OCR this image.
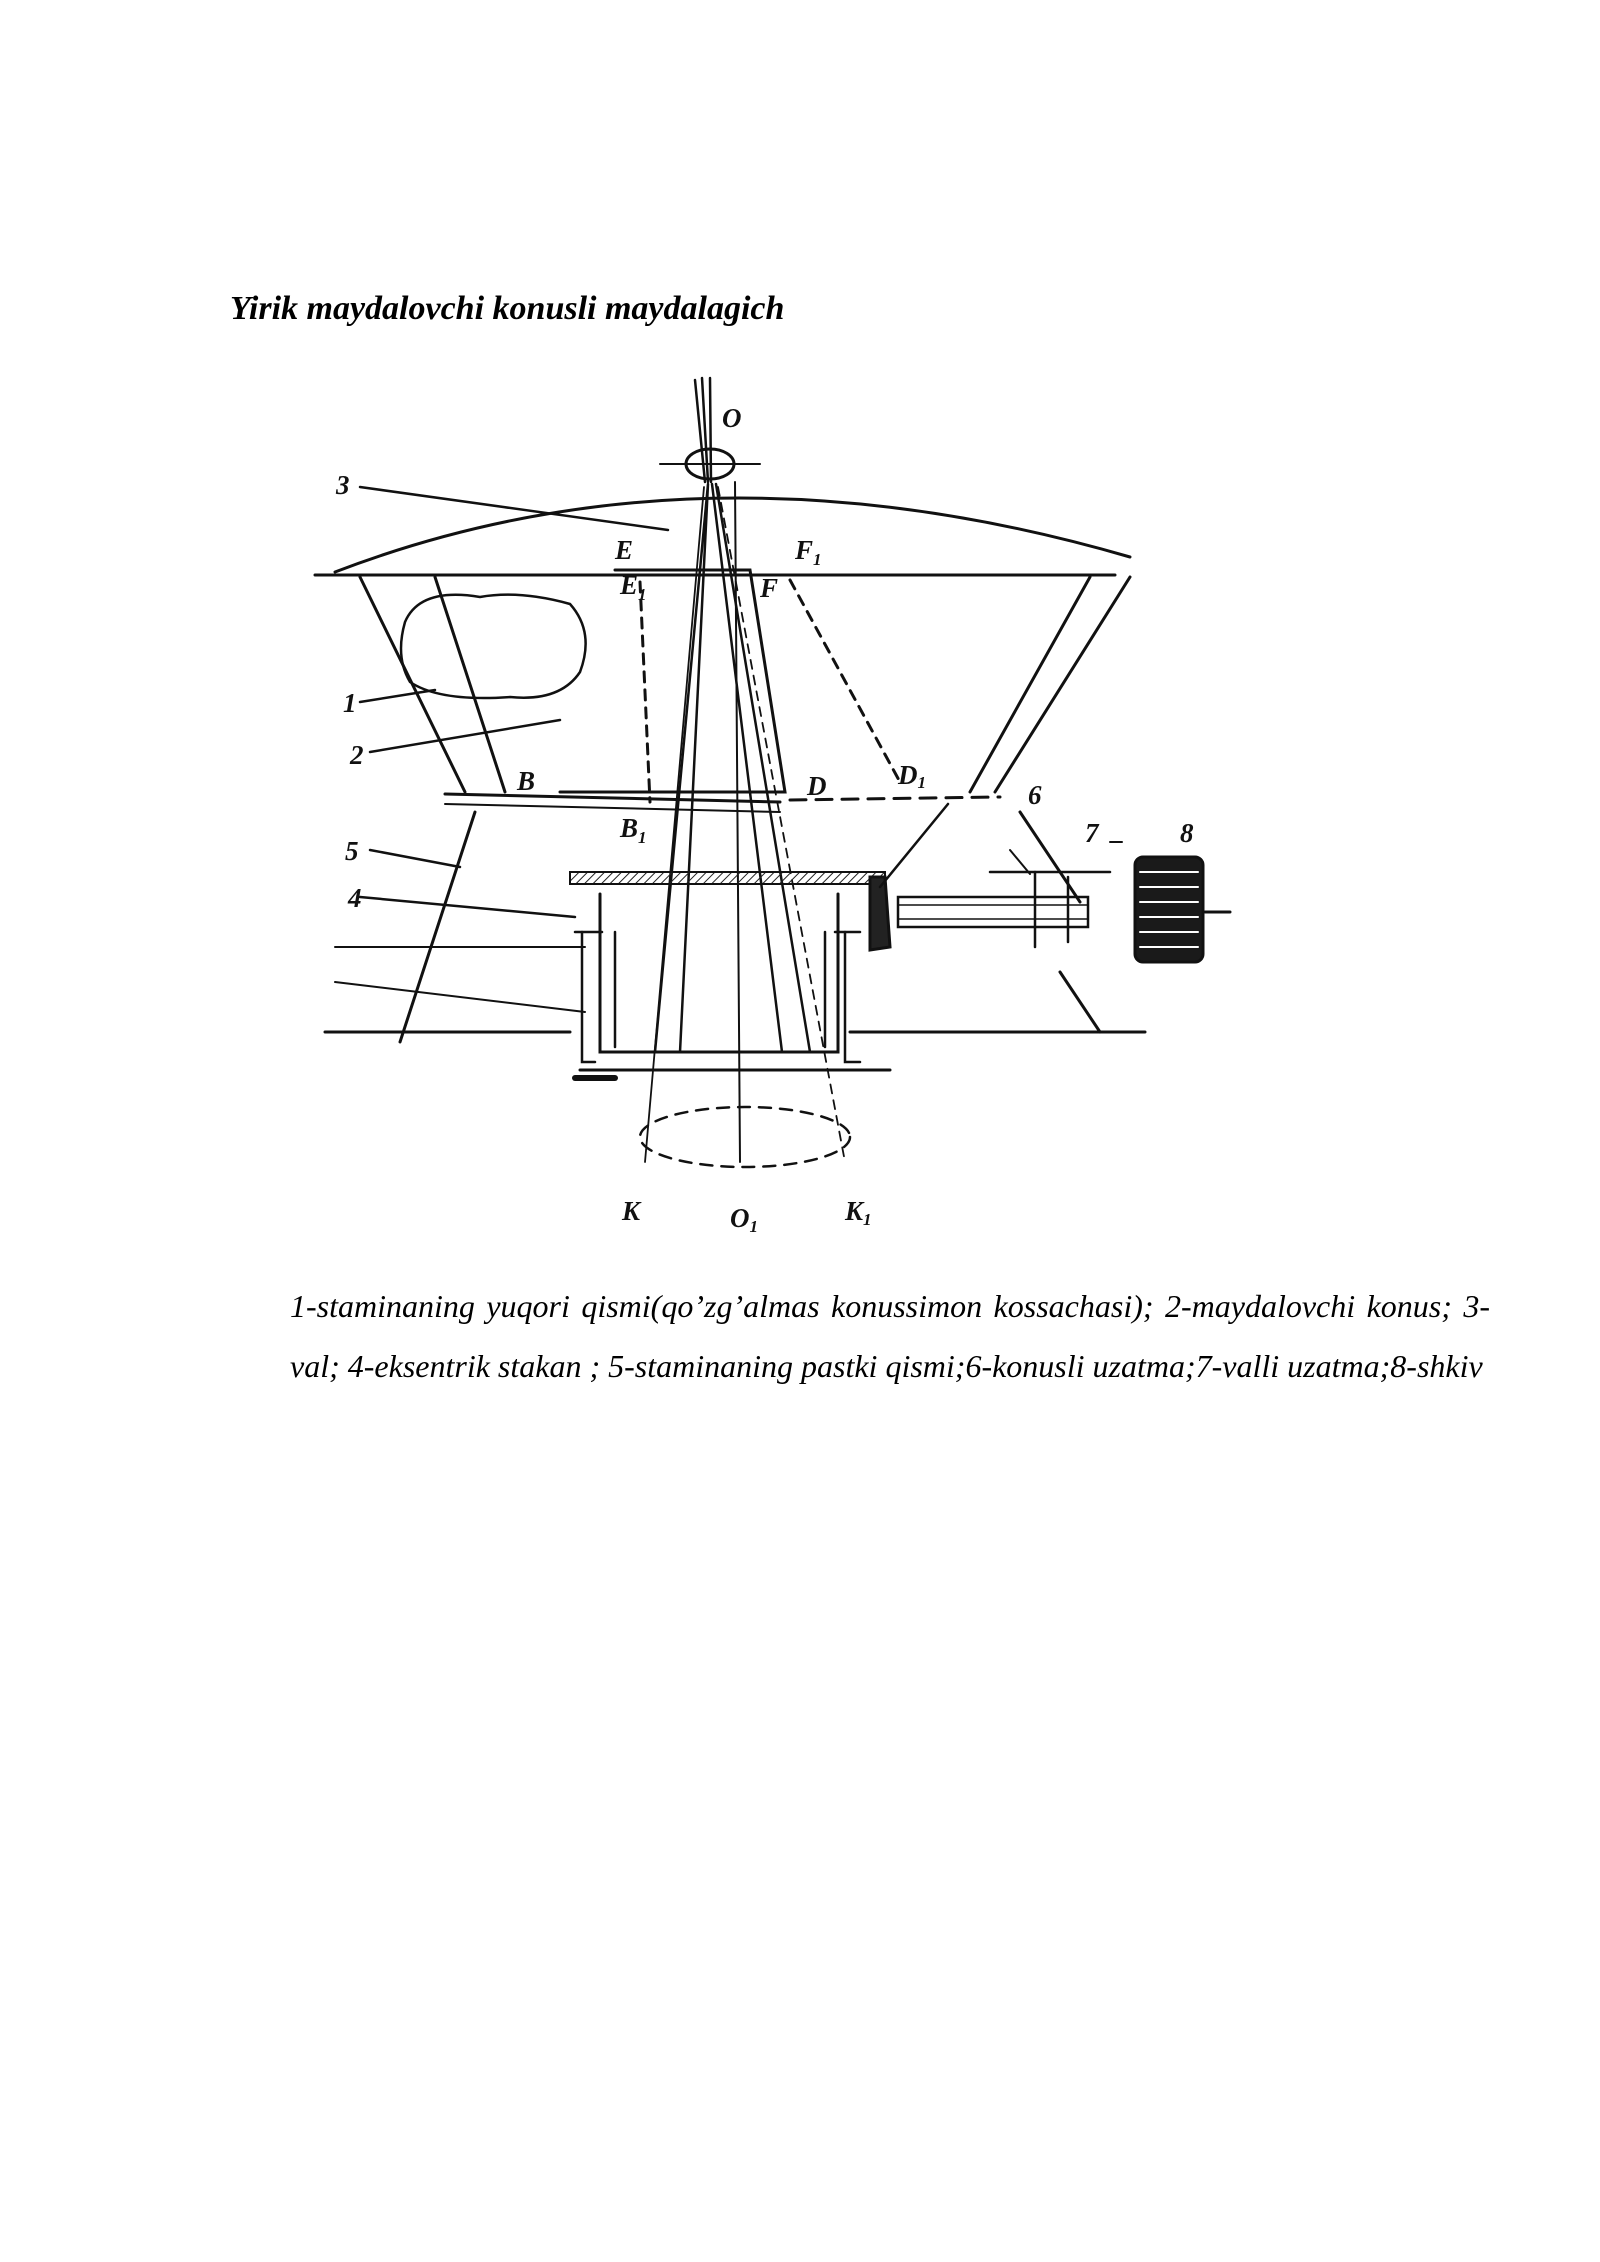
Yirik maydalovchi konusli maydalagich
O
3
E
$E_1$
$F_1$
F
1
2
B	D	D1
$B_1$
6
5
7	8
4
K	O1
K1
1-staminaning yuqori qismi(qo’zg’almas konussimon kossachasi); 2-maydalovchi konus; 3-val; 4-eksentrik stakan ; 5-staminaning pastki qismi;6-konusli uzatma;7-valli uzatma;8-shkiv
